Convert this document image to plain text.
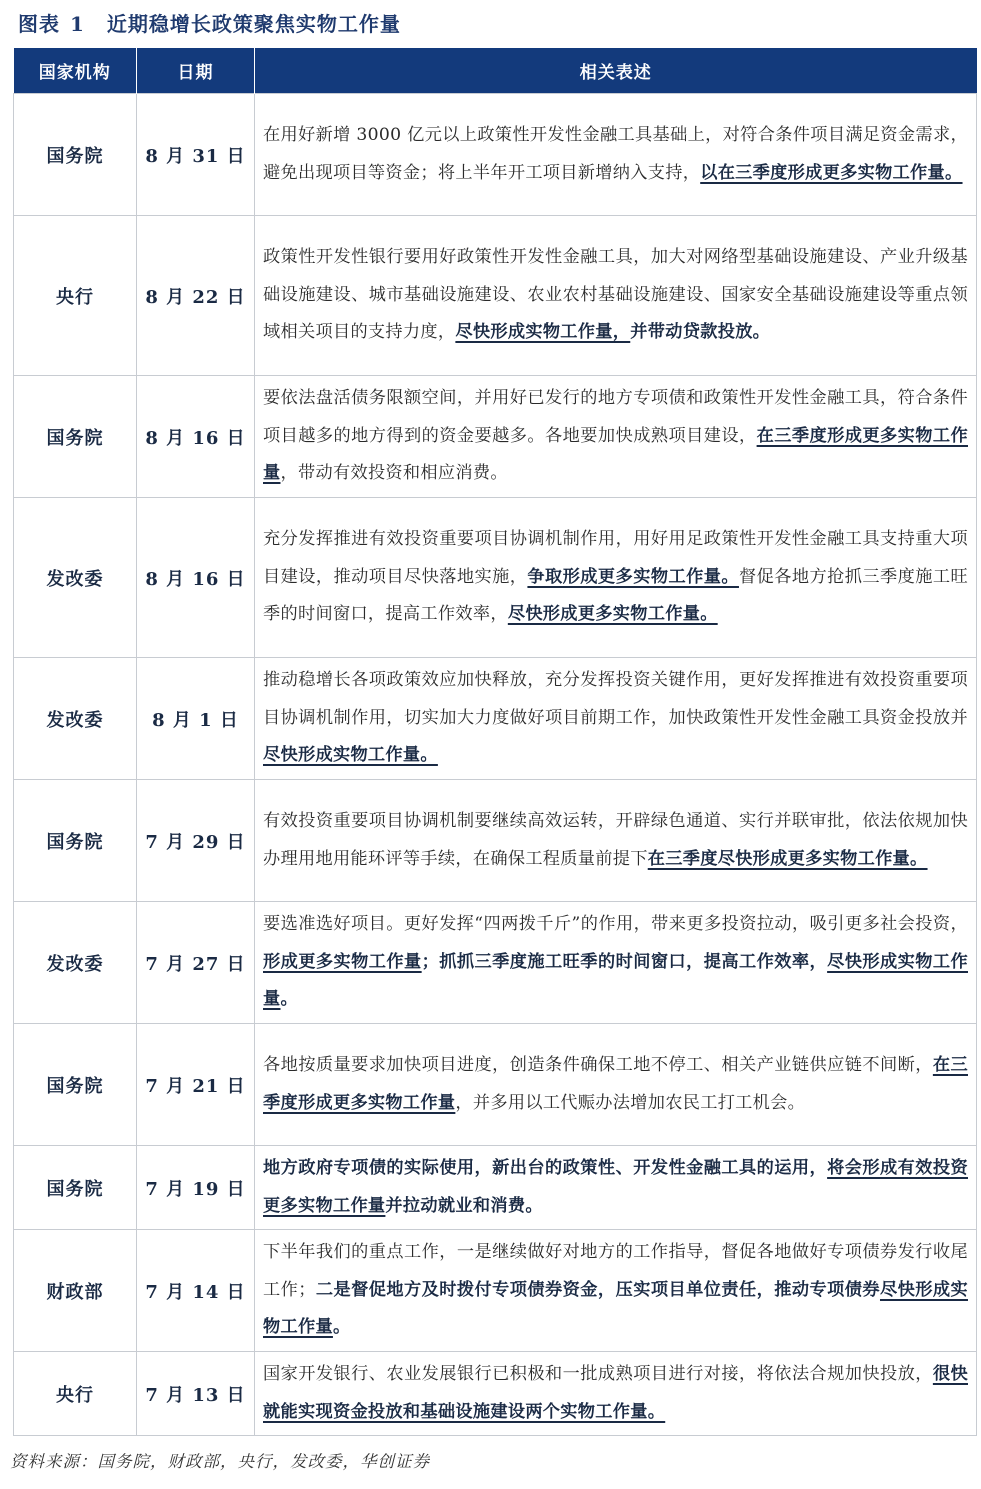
图表 1 近期稳增长政策聚焦实物工作量
国家机构	日期	相关表述
国务院	8 月 31 日	在用好新增 3000 亿元以上政策性开发性金融工具基础上，对符合条件项目满足资金需求，避免出现项目等资金；将上半年开工项目新增纳入支持，以在三季度形成更多实物工作量。
央行	8 月 22 日	政策性开发性银行要用好政策性开发性金融工具，加大对网络型基础设施建设、产业升级基础设施建设、城市基础设施建设、农业农村基础设施建设、国家安全基础设施建设等重点领域相关项目的支持力度，尽快形成实物工作量，并带动贷款投放。
国务院	8 月 16 日	要依法盘活债务限额空间，并用好已发行的地方专项债和政策性开发性金融工具，符合条件项目越多的地方得到的资金要越多。各地要加快成熟项目建设，在三季度形成更多实物工作量，带动有效投资和相应消费。
发改委	8 月 16 日	充分发挥推进有效投资重要项目协调机制作用，用好用足政策性开发性金融工具支持重大项目建设，推动项目尽快落地实施，争取形成更多实物工作量。督促各地方抢抓三季度施工旺季的时间窗口，提高工作效率，尽快形成更多实物工作量。
发改委	8 月 1 日	推动稳增长各项政策效应加快释放，充分发挥投资关键作用，更好发挥推进有效投资重要项目协调机制作用，切实加大力度做好项目前期工作，加快政策性开发性金融工具资金投放并尽快形成实物工作量。
国务院	7 月 29 日	有效投资重要项目协调机制要继续高效运转，开辟绿色通道、实行并联审批，依法依规加快办理用地用能环评等手续，在确保工程质量前提下在三季度尽快形成更多实物工作量。
发改委	7 月 27 日	要选准选好项目。更好发挥“四两拨千斤”的作用，带来更多投资拉动，吸引更多社会投资，形成更多实物工作量；抓抓三季度施工旺季的时间窗口，提高工作效率，尽快形成实物工作量。
国务院	7 月 21 日	各地按质量要求加快项目进度，创造条件确保工地不停工、相关产业链供应链不间断，在三季度形成更多实物工作量，并多用以工代赈办法增加农民工打工机会。
国务院	7 月 19 日	地方政府专项债的实际使用，新出台的政策性、开发性金融工具的运用，将会形成有效投资更多实物工作量并拉动就业和消费。
财政部	7 月 14 日	下半年我们的重点工作，一是继续做好对地方的工作指导，督促各地做好专项债券发行收尾工作；二是督促地方及时拨付专项债券资金，压实项目单位责任，推动专项债券尽快形成实物工作量。
央行	7 月 13 日	国家开发银行、农业发展银行已积极和一批成熟项目进行对接，将依法合规加快投放，很快就能实现资金投放和基础设施建设两个实物工作量。
资料来源：国务院，财政部，央行，发改委，华创证券
